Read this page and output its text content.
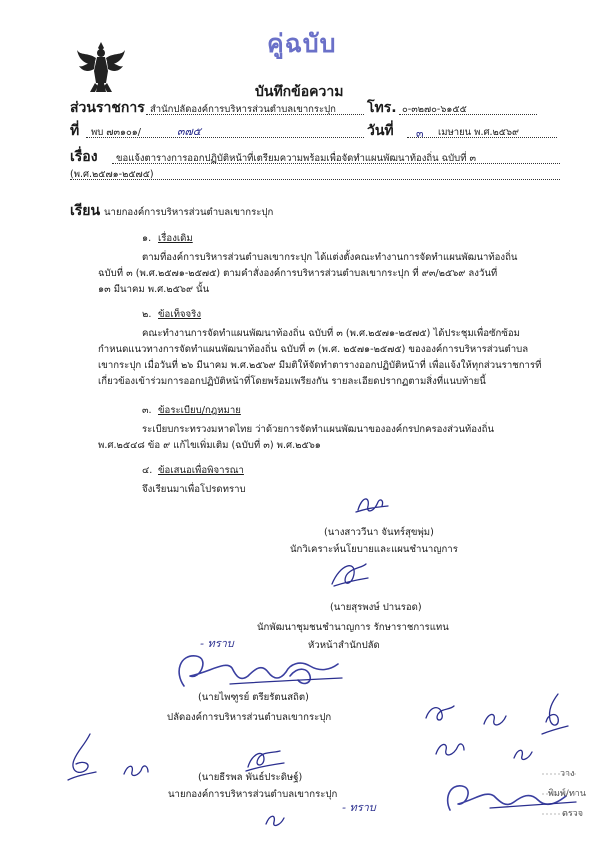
คู่ฉบับ
บันทึกข้อความ
ส่วนราชการ สำนักปลัดองค์การบริหารส่วนตำบลเขากระปุก โทร. ๐-๓๒๗๐-๖๑๕๕
ที่ พบ ๗๓๑๐๑/	๓๗๕	วันที่ ๓ เมษายน พ.ศ.๒๕๖๙
เรื่อง ขอแจ้งตารางการออกปฏิบัติหน้าที่เตรียมความพร้อมเพื่อจัดทำแผนพัฒนาท้องถิ่น ฉบับที่ ๓
(พ.ศ.๒๕๗๑-๒๕๗๕)
เรียน นายกองค์การบริหารส่วนตำบลเขากระปุก
๑. เรื่องเดิม
ตามที่องค์การบริหารส่วนตำบลเขากระปุก ได้แต่งตั้งคณะทำงานการจัดทำแผนพัฒนาท้องถิ่น
ฉบับที่ ๓ (พ.ศ.๒๕๗๑-๒๕๗๕) ตามคำสั่งองค์การบริหารส่วนตำบลเขากระปุก ที่ ๙๓/๒๕๖๙ ลงวันที่
๑๓ มีนาคม พ.ศ.๒๕๖๙ นั้น
๒. ข้อเท็จจริง
คณะทำงานการจัดทำแผนพัฒนาท้องถิ่น ฉบับที่ ๓ (พ.ศ.๒๕๗๑-๒๕๗๕) ได้ประชุมเพื่อซักซ้อม
กำหนดแนวทางการจัดทำแผนพัฒนาท้องถิ่น ฉบับที่ ๓ (พ.ศ. ๒๕๗๑-๒๕๗๕) ขององค์การบริหารส่วนตำบล
เขากระปุก เมื่อวันที่ ๒๖ มีนาคม พ.ศ.๒๕๖๙ มีมติให้จัดทำตารางออกปฏิบัติหน้าที่ เพื่อแจ้งให้ทุกส่วนราชการที่
เกี่ยวข้องเข้าร่วมการออกปฏิบัติหน้าที่โดยพร้อมเพรียงกัน รายละเอียดปรากฏตามสิ่งที่แนบท้ายนี้
๓. ข้อระเบียบ/กฎหมาย
ระเบียบกระทรวงมหาดไทย ว่าด้วยการจัดทำแผนพัฒนาขององค์กรปกครองส่วนท้องถิ่น
พ.ศ.๒๕๔๘ ข้อ ๙ แก้ไขเพิ่มเติม (ฉบับที่ ๓) พ.ศ.๒๕๖๑
๔. ข้อเสนอเพื่อพิจารณา
จึงเรียนมาเพื่อโปรดทราบ
(นางสาววีนา จันทร์สุขพุ่ม)
นักวิเคราะห์นโยบายและแผนชำนาญการ
(นายสุรพงษ์ ปานรอด)
นักพัฒนาชุมชนชำนาญการ รักษาราชการแทน
หัวหน้าสำนักปลัด
- ทราบ
(นายไพฑูรย์ ตรียรัตนสถิต)
ปลัดองค์การบริหารส่วนตำบลเขากระปุก
(นายธีรพล พันธ์ประดิษฐ์)
นายกองค์การบริหารส่วนตำบลเขากระปุก
- ทราบ
วาง
พิมพ์/ทาน
ตรวจ
